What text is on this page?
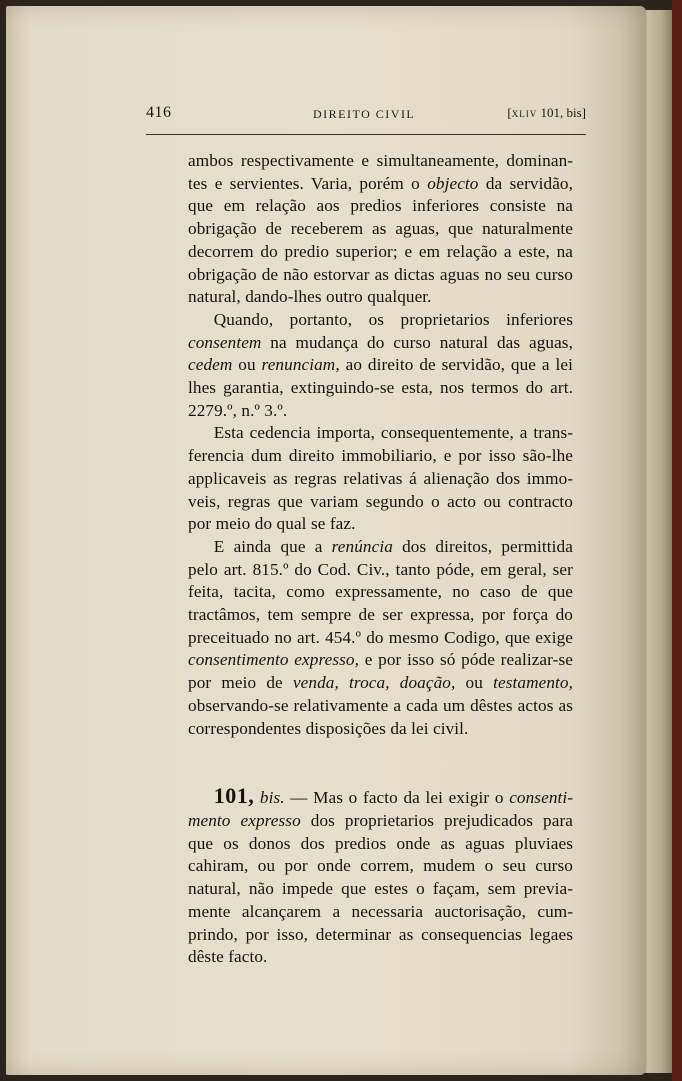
416	DIREITO CIVIL	[XLIV 101, bis]

ambos respectivamente e simultaneamente, dominantes e servientes. Varia, porém o objecto da servidão, que em relação aos predios inferiores consiste na obrigação de receberem as aguas, que naturalmente decorrem do predio superior; e em relação a este, na obrigação de não estorvar as dictas aguas no seu curso natural, dando-lhes outro qualquer.

Quando, portanto, os proprietarios inferiores consentem na mudança do curso natural das aguas, cedem ou renunciam, ao direito de servidão, que a lei lhes garantia, extinguindo-se esta, nos termos do art. 2279.º, n.º 3.º.

Esta cedencia importa, consequentemente, a transferencia dum direito immobiliario, e por isso são-lhe applicaveis as regras relativas á alienação dos immoveis, regras que variam segundo o acto ou contracto por meio do qual se faz.

E ainda que a renúncia dos direitos, permittida pelo art. 815.º do Cod. Civ., tanto póde, em geral, ser feita, tacita, como expressamente, no caso de que tractâmos, tem sempre de ser expressa, por força do preceituado no art. 454.º do mesmo Codigo, que exige consentimento expresso, e por isso só póde realizar-se por meio de venda, troca, doação, ou testamento, observando-se relativamente a cada um dêstes actos as correspondentes disposições da lei civil.

101, bis. — Mas o facto da lei exigir o consentimento expresso dos proprietarios prejudicados para que os donos dos predios onde as aguas pluviaes cahiram, ou por onde correm, mudem o seu curso natural, não impede que estes o façam, sem previamente alcançarem a necessaria auctorisação, cumprindo, por isso, determinar as consequencias legaes dêste facto.
